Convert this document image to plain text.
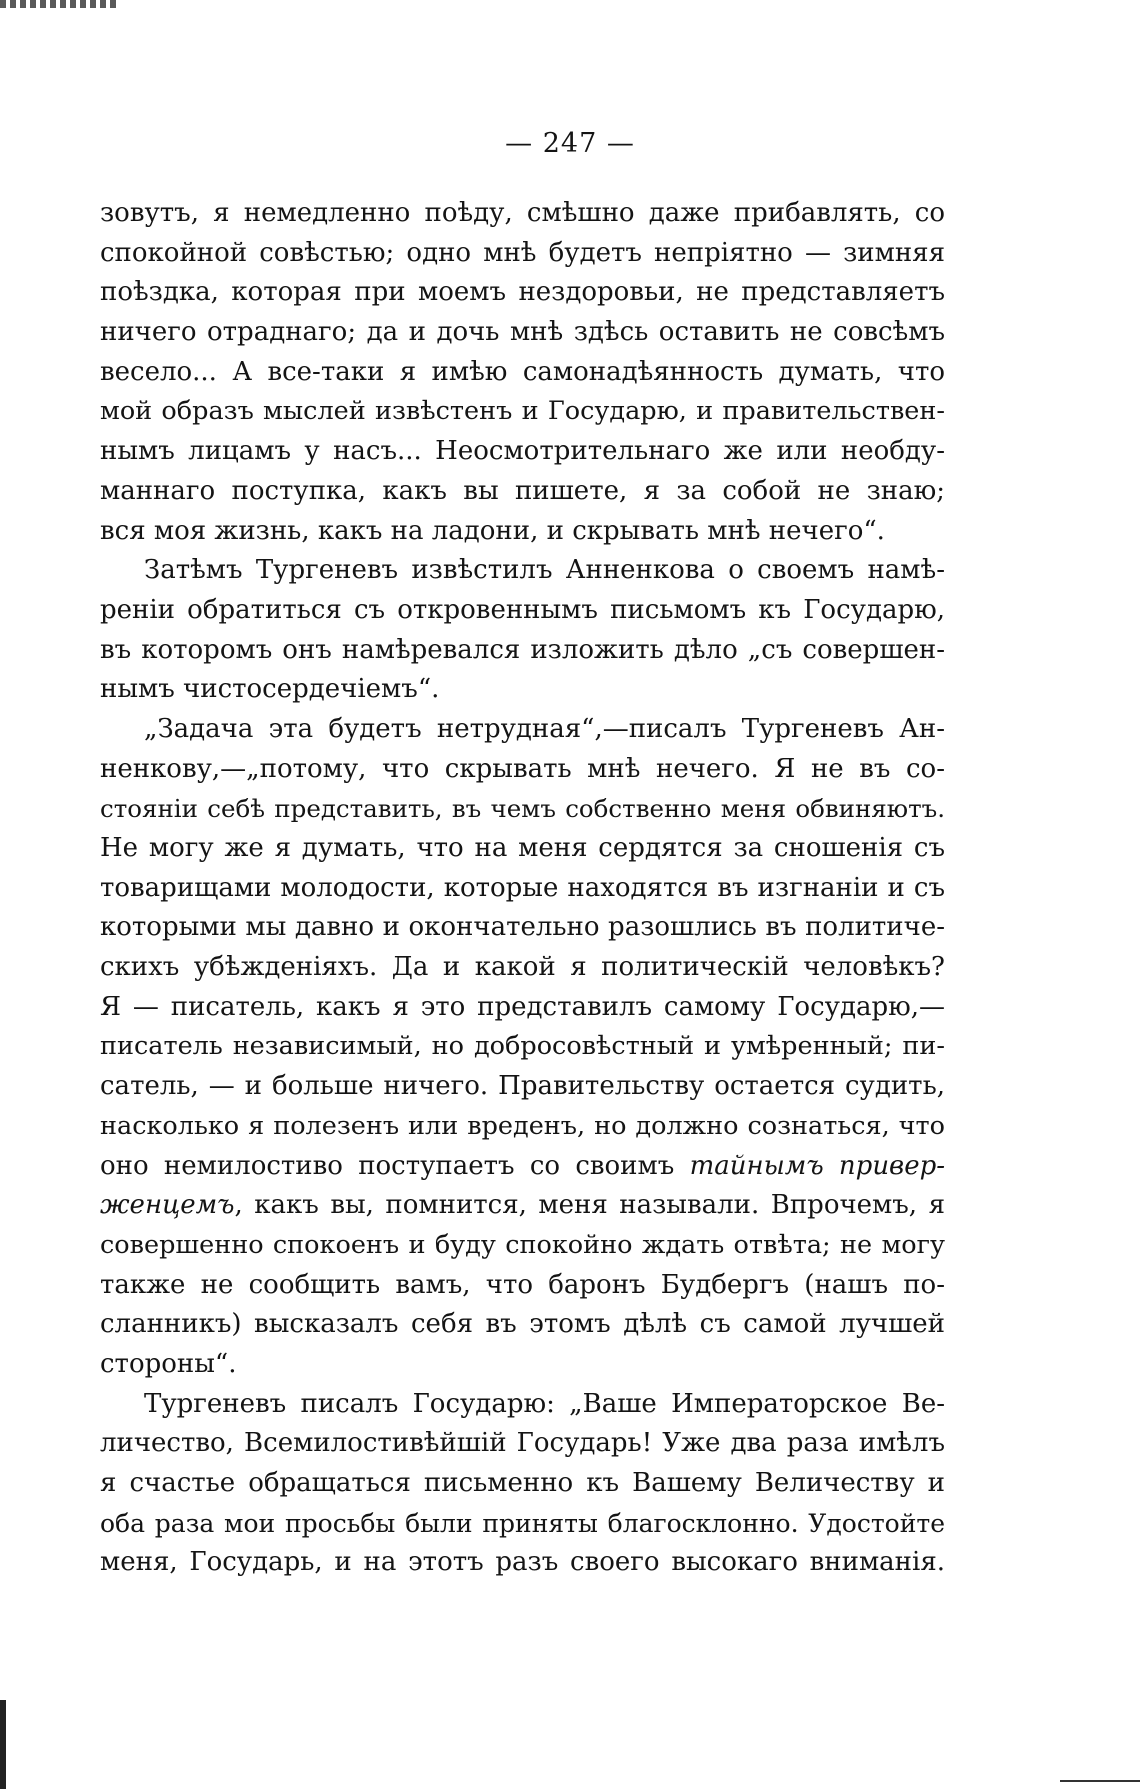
— 247 —
зовутъ, я немедленно поѣду, смѣшно даже прибавлять, со
спокойной совѣстью; одно мнѣ будетъ непріятно — зимняя
поѣздка, которая при моемъ нездоровьи, не представляетъ
ничего отраднаго; да и дочь мнѣ здѣсь оставить не совсѣмъ
весело... А все-таки я имѣю самонадѣянность думать, что
мой образъ мыслей извѣстенъ и Государю, и правительствен-
нымъ лицамъ у насъ... Неосмотрительнаго же или необду-
маннаго поступка, какъ вы пишете, я за собой не знаю;
вся моя жизнь, какъ на ладони, и скрывать мнѣ нечего“.
Затѣмъ Тургеневъ извѣстилъ Анненкова о своемъ намѣ-
реніи обратиться съ откровеннымъ письмомъ къ Государю,
въ которомъ онъ намѣревался изложить дѣло „съ совершен-
нымъ чистосердечіемъ“.
„Задача эта будетъ нетрудная“,—писалъ Тургеневъ Ан-
ненкову,—„потому, что скрывать мнѣ нечего. Я не въ со-
стояніи себѣ представить, въ чемъ собственно меня обвиняютъ.
Не могу же я думать, что на меня сердятся за сношенія съ
товарищами молодости, которые находятся въ изгнаніи и съ
которыми мы давно и окончательно разошлись въ политиче-
скихъ убѣжденіяхъ. Да и какой я политическій человѣкъ?
Я — писатель, какъ я это представилъ самому Государю,—
писатель независимый, но добросовѣстный и умѣренный; пи-
сатель, — и больше ничего. Правительству остается судить,
насколько я полезенъ или вреденъ, но должно сознаться, что
оно немилостиво поступаетъ со своимъ тайнымъ привер-
женцемъ, какъ вы, помнится, меня называли. Впрочемъ, я
совершенно спокоенъ и буду спокойно ждать отвѣта; не могу
также не сообщить вамъ, что баронъ Будбергъ (нашъ по-
сланникъ) высказалъ себя въ этомъ дѣлѣ съ самой лучшей
стороны“.
Тургеневъ писалъ Государю: „Ваше Императорское Ве-
личество, Всемилостивѣйшій Государь! Уже два раза имѣлъ
я счастье обращаться письменно къ Вашему Величеству и
оба раза мои просьбы были приняты благосклонно. Удостойте
меня, Государь, и на этотъ разъ своего высокаго вниманія.
